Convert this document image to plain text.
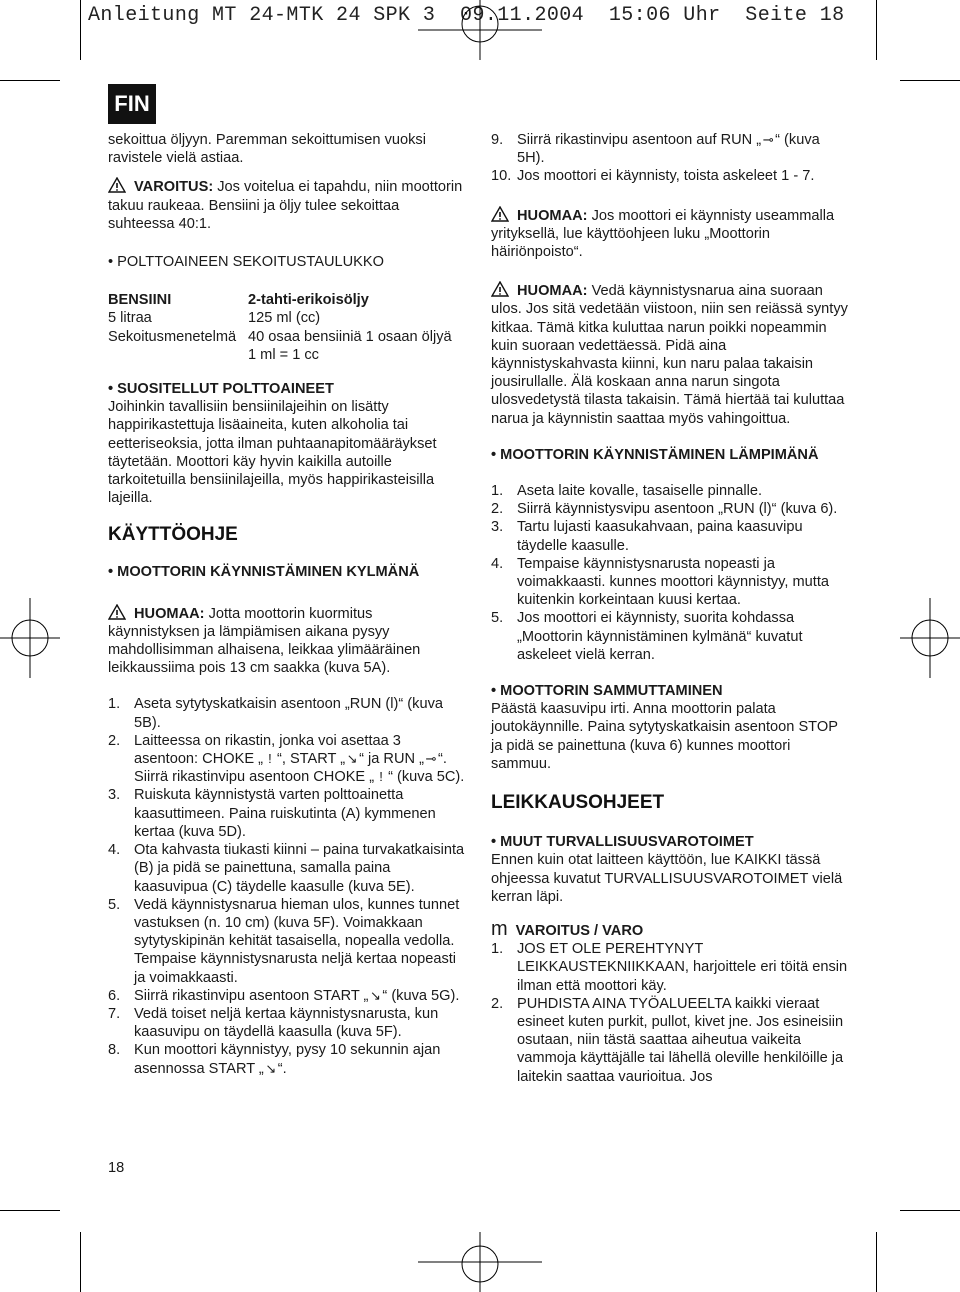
Anleitung MT 24-MTK 24 SPK 3  09.11.2004  15:06 Uhr  Seite 18
FIN

sekoittua öljyyn. Paremman sekoittumisen vuoksi ravistele vielä astiaa.

VAROITUS: Jos voitelua ei tapahdu, niin moottorin takuu raukeaa. Bensiini ja öljy tulee sekoittaa suhteessa 40:1.

• POLTTOAINEEN SEKOITUSTAULUKKO

BENSIINI	2-tahti-erikoisöljy
5 litraa	125 ml (cc)
Sekoitusmenetelmä 40 osaa bensiiniä 1 osaan öljyä
1 ml = 1 cc

• SUOSITELLUT POLTTOAINEET

Joihinkin tavallisiin bensiinilajeihin on lisätty happirikastettuja lisäaineita, kuten alkoholia tai eetteriseoksia, jotta ilman puhtaanapitomääräykset täytetään. Moottori käy hyvin kaikilla autoille tarkoitetuilla bensiinilajeilla, myös happirikasteisilla lajeilla.

KÄYTTÖOHJE

• MOOTTORIN KÄYNNISTÄMINEN KYLMÄNÄ

HUOMAA: Jotta moottorin kuormitus käynnistyksen ja lämpiämisen aikana pysyy mahdollisimman alhaisena, leikkaa ylimääräinen leikkaussiima pois 13 cm saakka (kuva 5A).

1. Aseta sytytyskatkaisin asentoon „RUN (l)“ (kuva 5B).
2. Laitteessa on rikastin, jonka voi asettaa 3 asentoon: CHOKE „ ǃ “, START „ ↘ “ ja RUN „ ⊸ “. Siirrä rikastinvipu asentoon CHOKE „ ǃ “ (kuva 5C).
3. Ruiskuta käynnistystä varten polttoainetta kaasuttimeen. Paina ruiskutinta (A) kymmenen kertaa (kuva 5D).
4. Ota kahvasta tiukasti kiinni – paina turvakatkaisinta (B) ja pidä se painettuna, samalla paina kaasuvipua (C) täydelle kaasulle (kuva 5E).
5. Vedä käynnistysnarua hieman ulos, kunnes tunnet vastuksen (n. 10 cm) (kuva 5F). Voimakkaan sytytyskipinän kehität tasaisella, nopealla vedolla. Tempaise käynnistysnarusta neljä kertaa nopeasti ja voimakkaasti.
6. Siirrä rikastinvipu asentoon START „ ↘ “ (kuva 5G).
7. Vedä toiset neljä kertaa käynnistysnarusta, kun kaasuvipu on täydellä kaasulla (kuva 5F).
8. Kun moottori käynnistyy, pysy 10 sekunnin ajan asennossa START „ ↘ “.
18
9. Siirrä rikastinvipu asentoon auf RUN „ ⊸ “ (kuva 5H).
10. Jos moottori ei käynnisty, toista askeleet 1 - 7.

HUOMAA: Jos moottori ei käynnisty useammalla yrityksellä, lue käyttöohjeen luku „Moottorin häiriönpoisto“.

HUOMAA: Vedä käynnistysnarua aina suoraan ulos. Jos sitä vedetään viistoon, niin sen reiässä syntyy kitkaa. Tämä kitka kuluttaa narun poikki nopeammin kuin suoraan vedettäessä. Pidä aina käynnistyskahvasta kiinni, kun naru palaa takaisin jousirullalle. Älä koskaan anna narun singota ulosvedetystä tilasta takaisin. Tämä hiertää tai kuluttaa narua ja käynnistin saattaa myös vahingoittua.

• MOOTTORIN KÄYNNISTÄMINEN LÄMPIMÄNÄ

1. Aseta laite kovalle, tasaiselle pinnalle.
2. Siirrä käynnistysvipu asentoon „RUN (l)“ (kuva 6).
3. Tartu lujasti kaasukahvaan, paina kaasuvipu täydelle kaasulle.
4. Tempaise käynnistysnarusta nopeasti ja voimakkaasti. kunnes moottori käynnistyy, mutta kuitenkin korkeintaan kuusi kertaa.
5. Jos moottori ei käynnisty, suorita kohdassa „Moottorin käynnistäminen kylmänä“ kuvatut askeleet vielä kerran.

• MOOTTORIN SAMMUTTAMINEN

Päästä kaasuvipu irti. Anna moottorin palata joutokäynnille. Paina sytytyskatkaisin asentoon STOP ja pidä se painettuna (kuva 6) kunnes moottori sammuu.

LEIKKAUSOHJEET

• MUUT TURVALLISUUSVAROTOIMET

Ennen kuin otat laitteen käyttöön, lue KAIKKI tässä ohjeessa kuvatut TURVALLISUUSVAROTOIMET vielä kerran läpi.

m VAROITUS / VARO

1. JOS ET OLE PEREHTYNYT LEIKKAUSTEKNIIKKAAN, harjoittele eri töitä ensin ilman että moottori käy.
2. PUHDISTA AINA TYÖALUEELTA kaikki vieraat esineet kuten purkit, pullot, kivet jne. Jos esineisiin osutaan, niin tästä saattaa aiheutua vaikeita vammoja käyttäjälle tai lähellä oleville henkilöille ja laitekin saattaa vaurioitua. Jos
